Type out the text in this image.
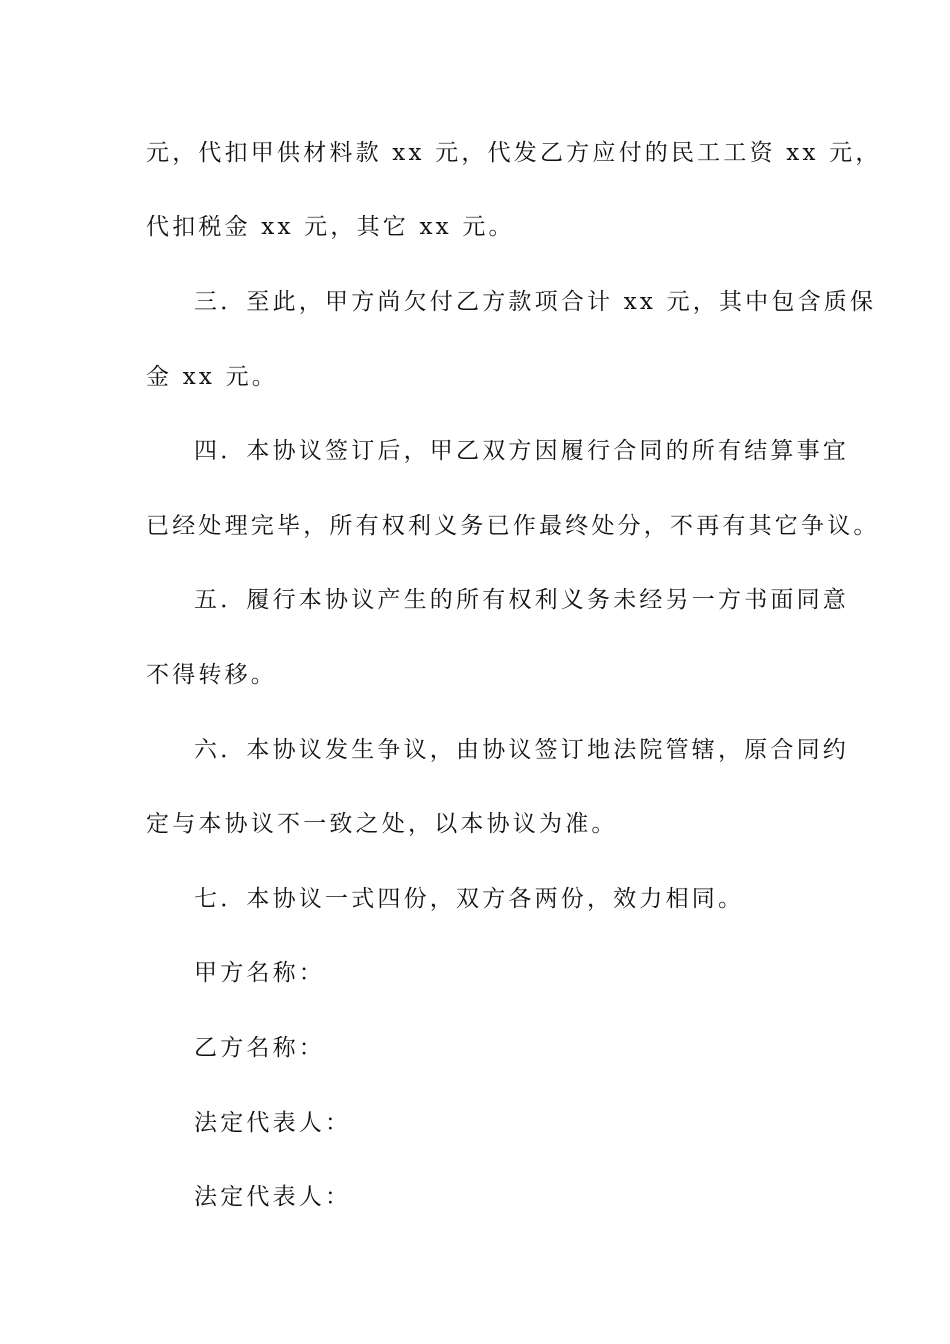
元，代扣甲供材料款 xx 元，代发乙方应付的民工工资 xx 元，
代扣税金 xx 元，其它 xx 元。
三．至此，甲方尚欠付乙方款项合计 xx 元，其中包含质保
金 xx 元。
四．本协议签订后，甲乙双方因履行合同的所有结算事宜
已经处理完毕，所有权利义务已作最终处分，不再有其它争议。
五．履行本协议产生的所有权利义务未经另一方书面同意
不得转移。
六．本协议发生争议，由协议签订地法院管辖，原合同约
定与本协议不一致之处，以本协议为准。
七．本协议一式四份，双方各两份，效力相同。
甲方名称：
乙方名称：
法定代表人：
法定代表人：
